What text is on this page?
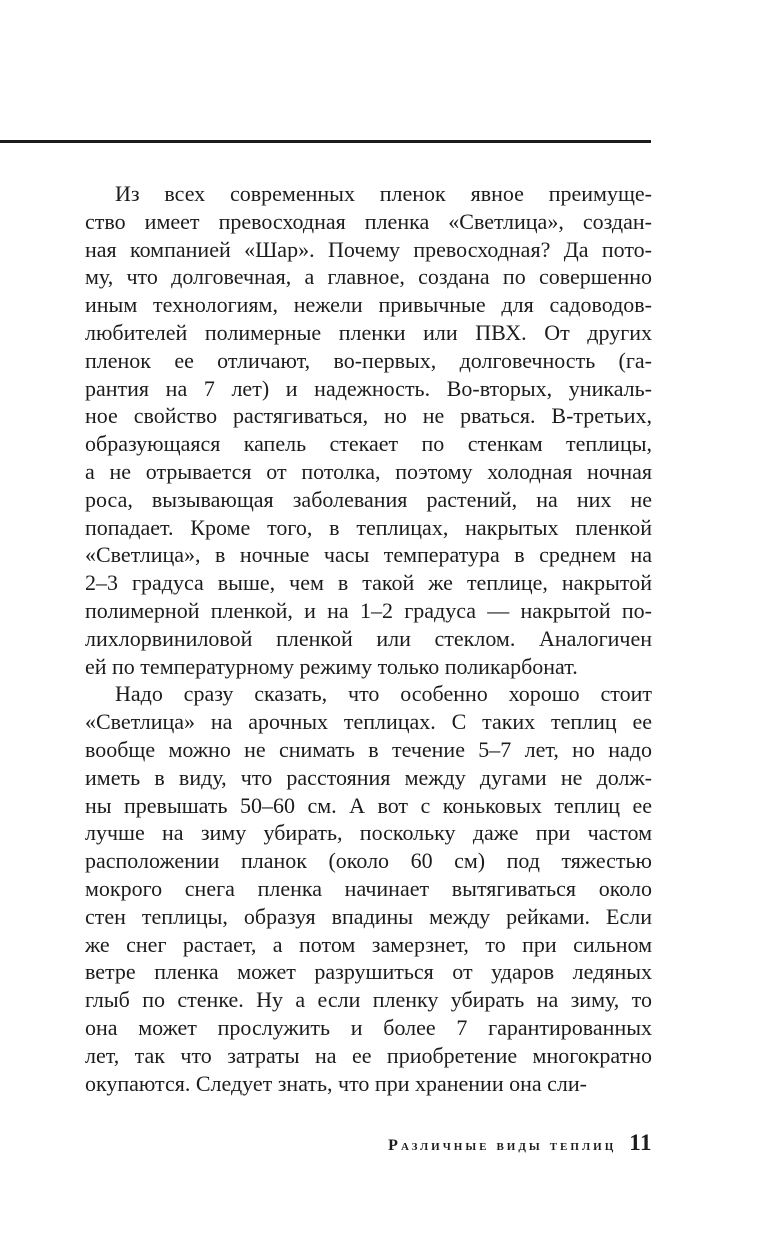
Из всех современных пленок явное преимуще-
ство имеет превосходная пленка «Светлица», создан-
ная компанией «Шар». Почему превосходная? Да пото-
му, что долговечная, а главное, создана по совершенно
иным технологиям, нежели привычные для садоводов-
любителей полимерные пленки или ПВХ. От других
пленок ее отличают, во-первых, долговечность (га-
рантия на 7 лет) и надежность. Во-вторых, уникаль-
ное свойство растягиваться, но не рваться. В-третьих,
образующаяся капель стекает по стенкам теплицы,
а не отрывается от потолка, поэтому холодная ночная
роса, вызывающая заболевания растений, на них не
попадает. Кроме того, в теплицах, накрытых пленкой
«Светлица», в ночные часы температура в среднем на
2–3 градуса выше, чем в такой же теплице, накрытой
полимерной пленкой, и на 1–2 градуса — накрытой по-
лихлорвиниловой пленкой или стеклом. Аналогичен
ей по температурному режиму только поликарбонат.
Надо сразу сказать, что особенно хорошо стоит
«Светлица» на арочных теплицах. С таких теплиц ее
вообще можно не снимать в течение 5–7 лет, но надо
иметь в виду, что расстояния между дугами не долж-
ны превышать 50–60 см. А вот с коньковых теплиц ее
лучше на зиму убирать, поскольку даже при частом
расположении планок (около 60 см) под тяжестью
мокрого снега пленка начинает вытягиваться около
стен теплицы, образуя впадины между рейками. Если
же снег растает, а потом замерзнет, то при сильном
ветре пленка может разрушиться от ударов ледяных
глыб по стенке. Ну а если пленку убирать на зиму, то
она может прослужить и более 7 гарантированных
лет, так что затраты на ее приобретение многократно
окупаются. Следует знать, что при хранении она сли-
Различные виды теплиц 11
